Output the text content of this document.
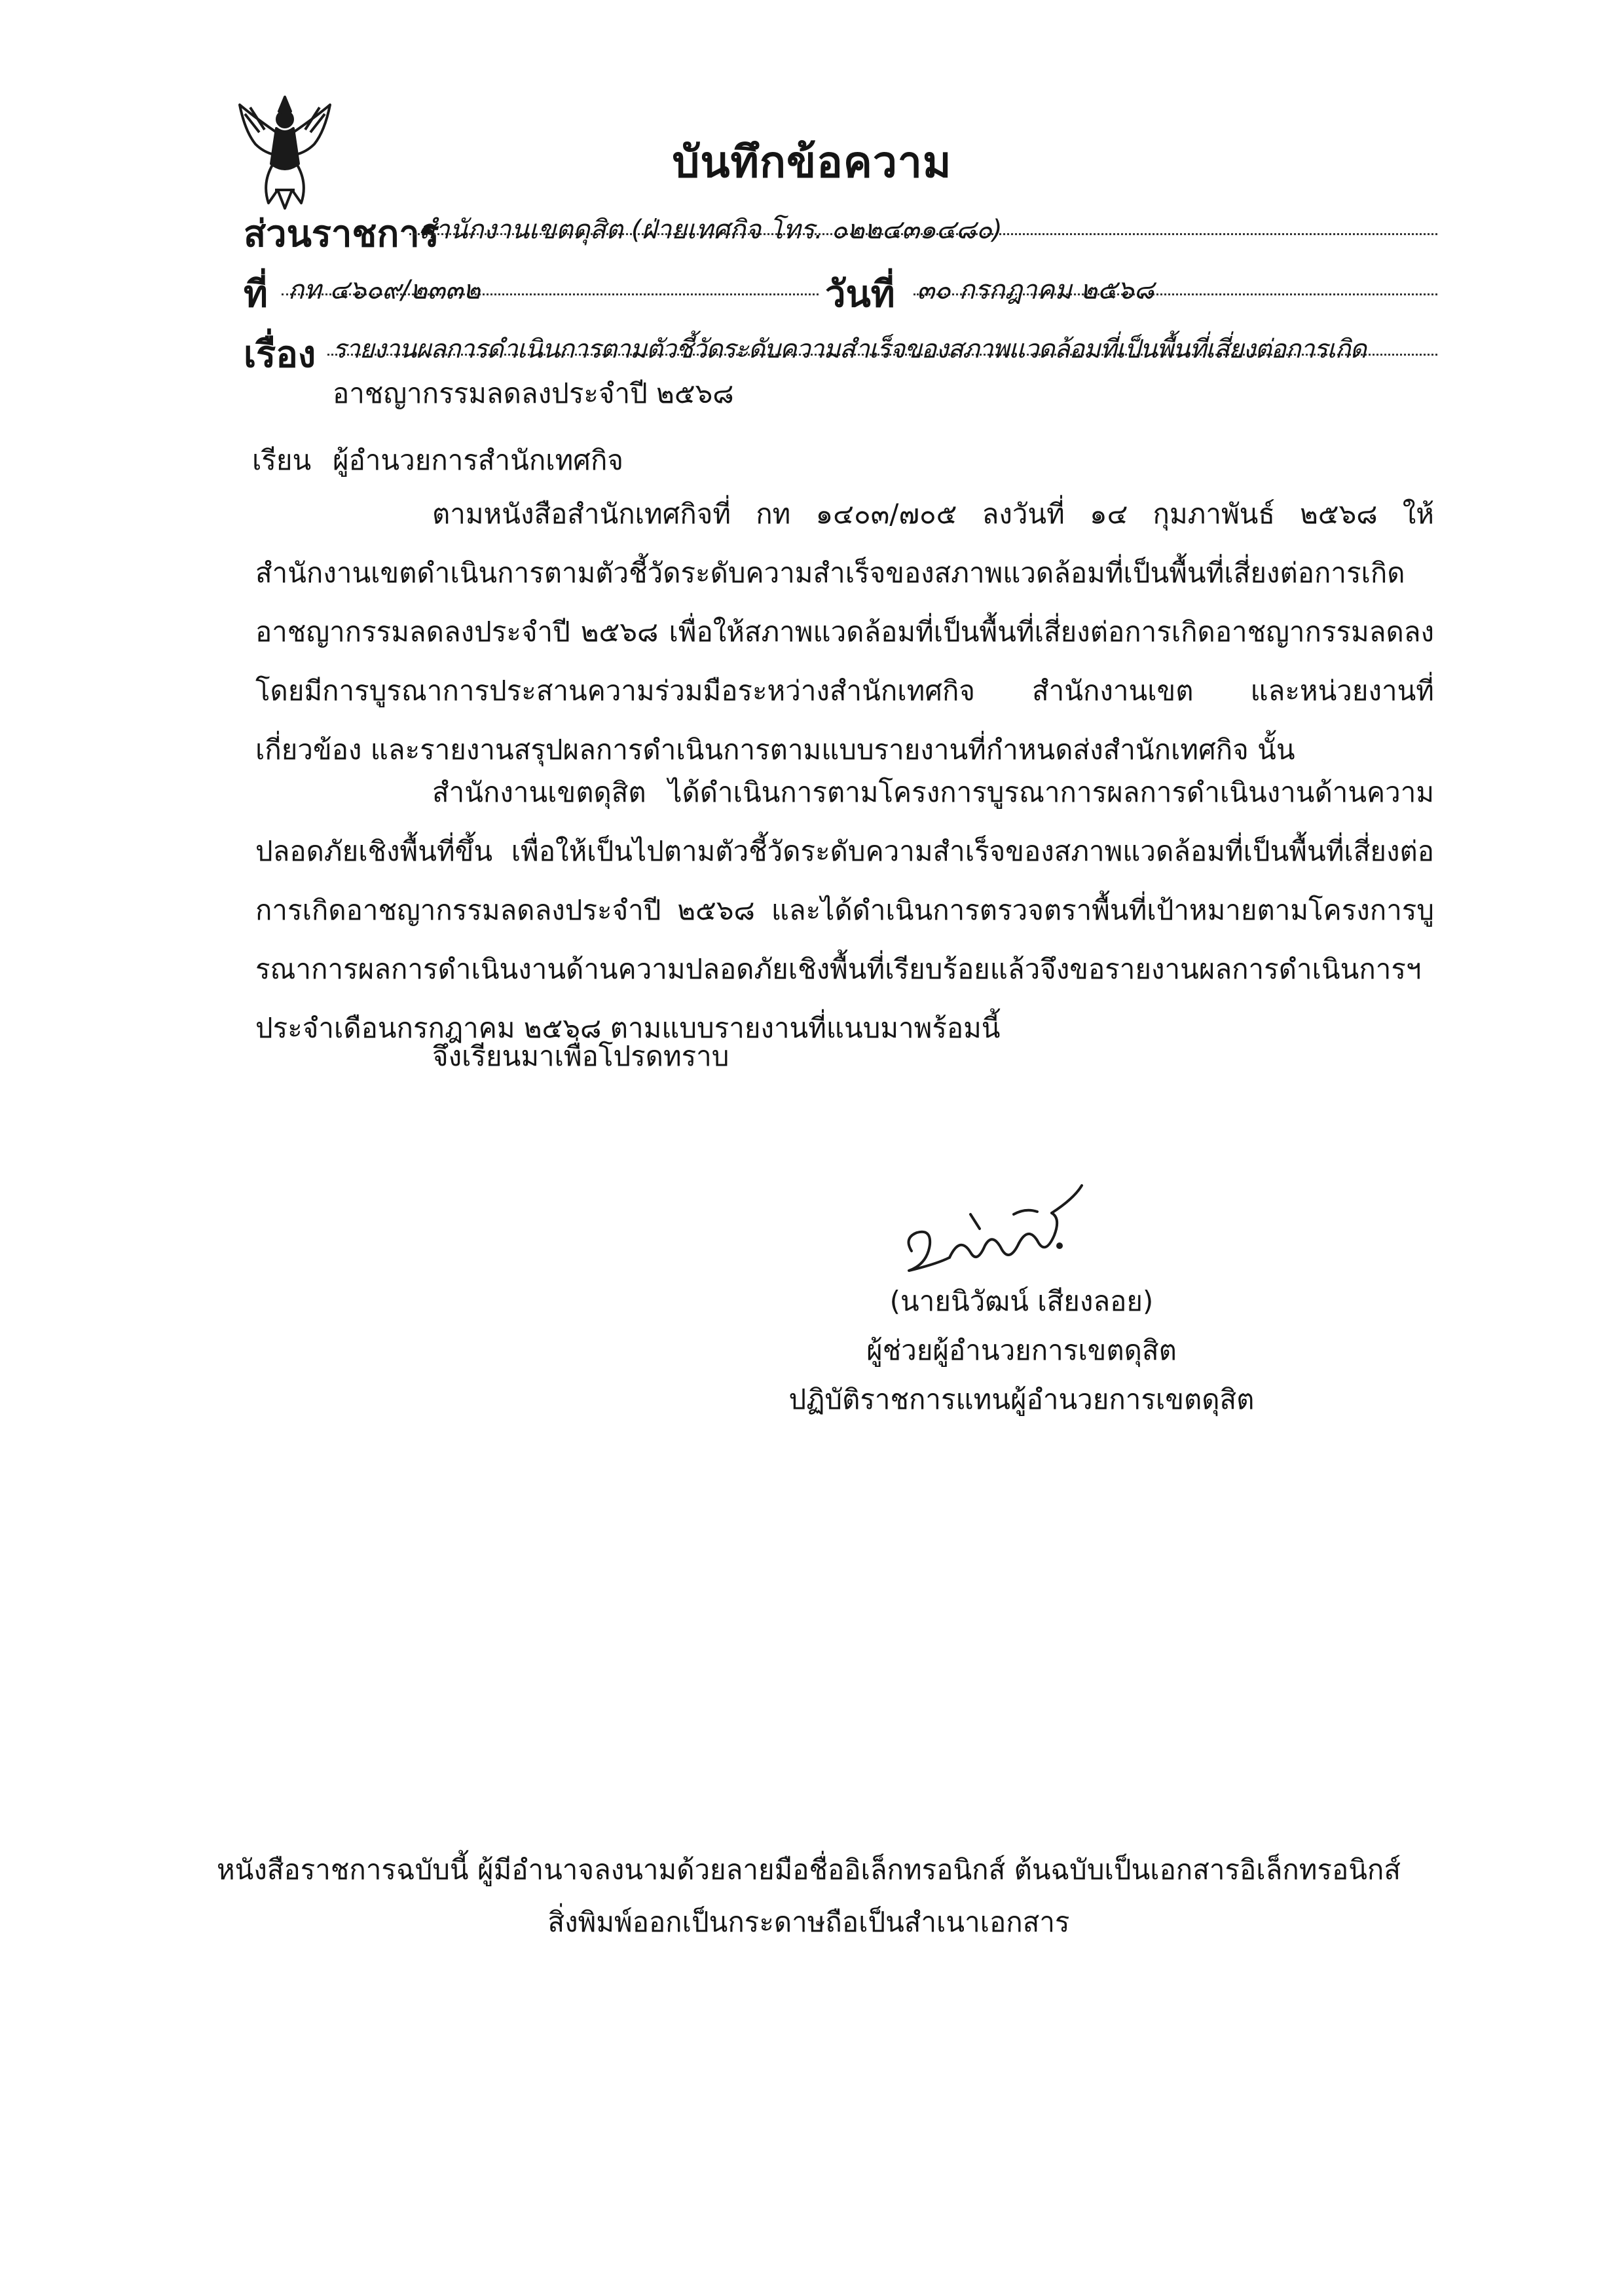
บันทึกข้อความ
ส่วนราชการ
สำนักงานเขตดุสิต (ฝ่ายเทศกิจ โทร. ๐๒๒๔๓๑๔๘๐)
ที่ กท ๔๖๐๙/๒๓๓๒	วันที่ ๓๐ กรกฎาคม ๒๕๖๘
เรื่อง รายงานผลการดำเนินการตามตัวชี้วัดระดับความสำเร็จของสภาพแวดล้อมที่เป็นพื้นที่เสี่ยงต่อการเกิด
อาชญากรรมลดลงประจำปี ๒๕๖๘
เรียน ผู้อำนวยการสำนักเทศกิจ
ตามหนังสือสำนักเทศกิจที่ กท ๑๔๐๓/๗๐๕ ลงวันที่ ๑๔ กุมภาพันธ์ ๒๕๖๘ ให้สำนักงานเขตดำเนินการตามตัวชี้วัดระดับความสำเร็จของสภาพแวดล้อมที่เป็นพื้นที่เสี่ยงต่อการเกิดอาชญากรรมลดลงประจำปี ๒๕๖๘ เพื่อให้สภาพแวดล้อมที่เป็นพื้นที่เสี่ยงต่อการเกิดอาชญากรรมลดลง โดยมีการบูรณาการประสานความร่วมมือระหว่างสำนักเทศกิจ สำนักงานเขต และหน่วยงานที่เกี่ยวข้อง และรายงานสรุปผลการดำเนินการตามแบบรายงานที่กำหนดส่งสำนักเทศกิจ นั้น
สำนักงานเขตดุสิต ได้ดำเนินการตามโครงการบูรณาการผลการดำเนินงานด้านความปลอดภัยเชิงพื้นที่ขึ้น เพื่อให้เป็นไปตามตัวชี้วัดระดับความสำเร็จของสภาพแวดล้อมที่เป็นพื้นที่เสี่ยงต่อการเกิดอาชญากรรมลดลงประจำปี ๒๕๖๘ และได้ดำเนินการตรวจตราพื้นที่เป้าหมายตามโครงการบูรณาการผลการดำเนินงานด้านความปลอดภัยเชิงพื้นที่เรียบร้อยแล้วจึงขอรายงานผลการดำเนินการฯ ประจำเดือนกรกฎาคม ๒๕๖๘ ตามแบบรายงานที่แนบมาพร้อมนี้
จึงเรียนมาเพื่อโปรดทราบ
(นายนิวัฒน์ เสียงลอย)
ผู้ช่วยผู้อำนวยการเขตดุสิต
ปฏิบัติราชการแทนผู้อำนวยการเขตดุสิต
หนังสือราชการฉบับนี้ ผู้มีอำนาจลงนามด้วยลายมือชื่ออิเล็กทรอนิกส์ ต้นฉบับเป็นเอกสารอิเล็กทรอนิกส์
สิ่งพิมพ์ออกเป็นกระดาษถือเป็นสำเนาเอกสาร
